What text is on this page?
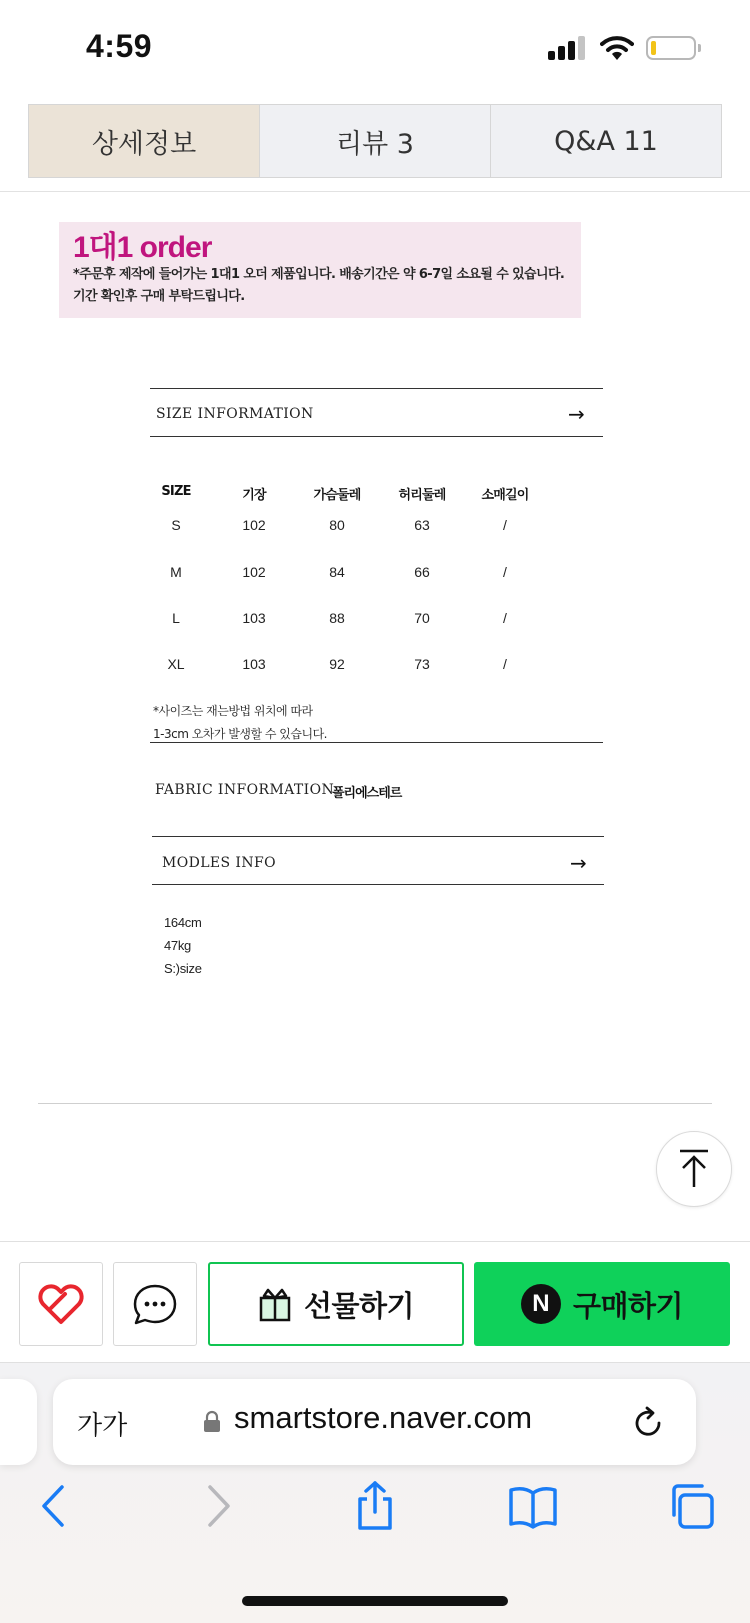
4:59
상세정보	리뷰 3	Q&A 11
1대1 order
*주문후 제작에 들어가는 1대1 오더 제품입니다. 배송기간은 약 6-7일 소요될 수 있습니다.
기간 확인후 구매 부탁드립니다.
SIZE INFORMATION	→
SIZE	기장	가슴둘레	허리둘레	소매길이
S	102	80	63	/
M	102	84	66	/
L	103	88	70	/
XL	103	92	73	/
*사이즈는 재는방법 위치에 따라
1-3cm 오차가 발생할 수 있습니다.
FABRIC INFORMATION
폴리에스테르
MODLES INFO	→
164cm
47kg
S:)size
선물하기	N 구매하기
가가	smartstore.naver.com
